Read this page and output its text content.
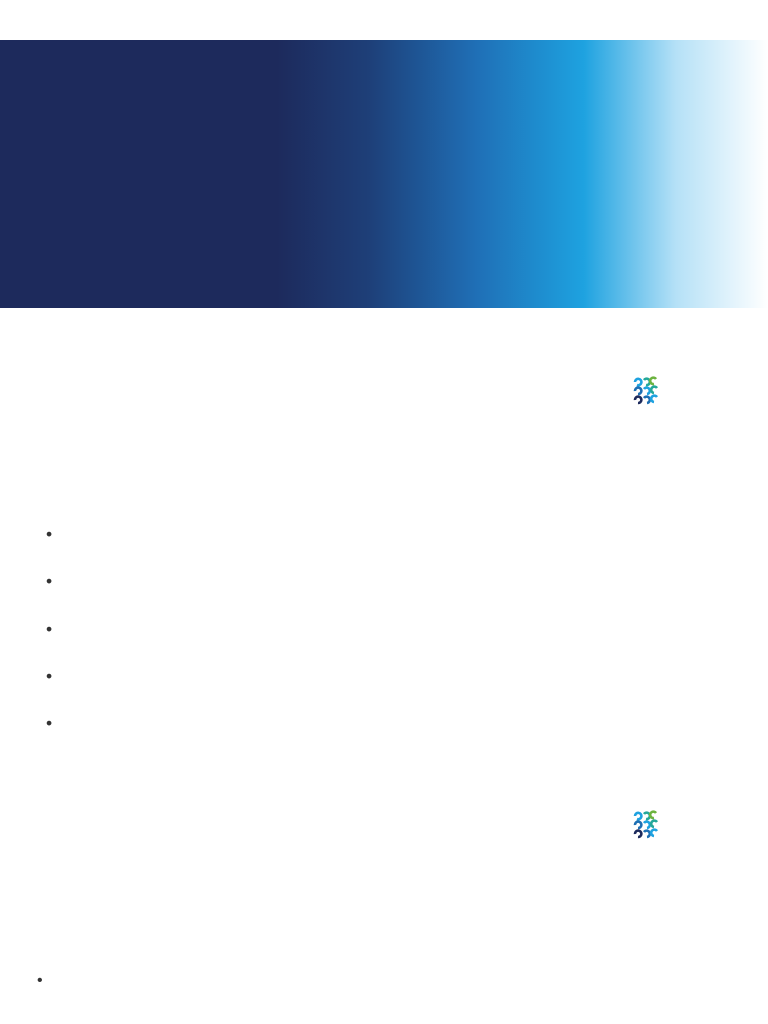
•
•
•
•
•
